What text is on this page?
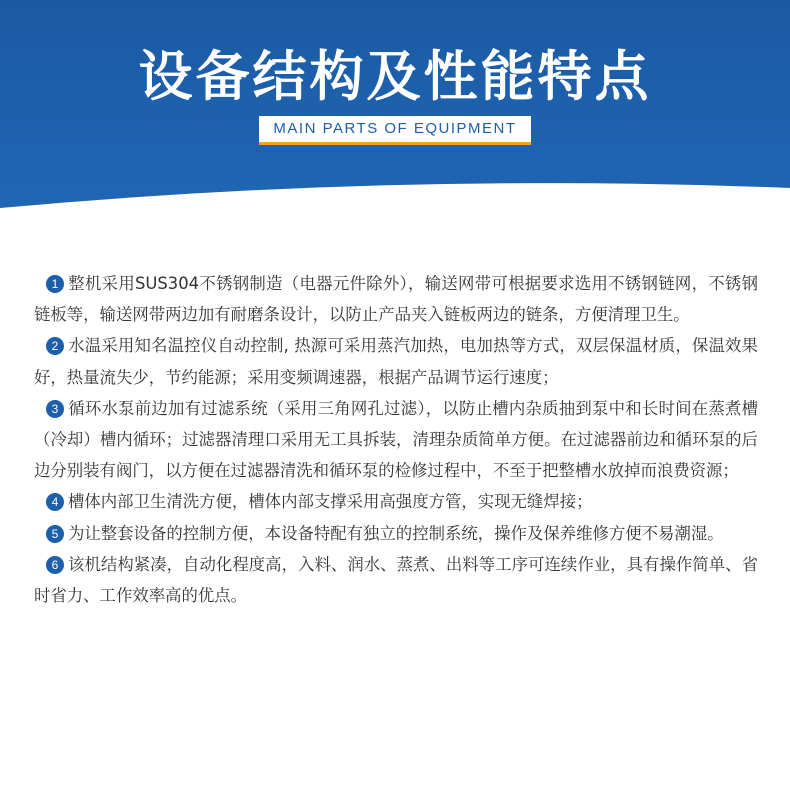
设备结构及性能特点
MAIN PARTS OF EQUIPMENT

1 整机采用SUS304不锈钢制造（电器元件除外），输送网带可根据要求选用不锈钢链网，不锈钢链板等，输送网带两边加有耐磨条设计，以防止产品夹入链板两边的链条，方便清理卫生。

2 水温采用知名温控仪自动控制, 热源可采用蒸汽加热，电加热等方式，双层保温材质，保温效果好，热量流失少，节约能源；采用变频调速器，根据产品调节运行速度；

3 循环水泵前边加有过滤系统（采用三角网孔过滤），以防止槽内杂质抽到泵中和长时间在蒸煮槽（冷却）槽内循环；过滤器清理口采用无工具拆装，清理杂质简单方便。在过滤器前边和循环泵的后边分别装有阀门，以方便在过滤器清洗和循环泵的检修过程中，不至于把整槽水放掉而浪费资源；

4 槽体内部卫生清洗方便，槽体内部支撑采用高强度方管，实现无缝焊接；

5 为让整套设备的控制方便，本设备特配有独立的控制系统，操作及保养维修方便不易潮湿。

6 该机结构紧凑，自动化程度高，入料、润水、蒸煮、出料等工序可连续作业，具有操作简单、省时省力、工作效率高的优点。
